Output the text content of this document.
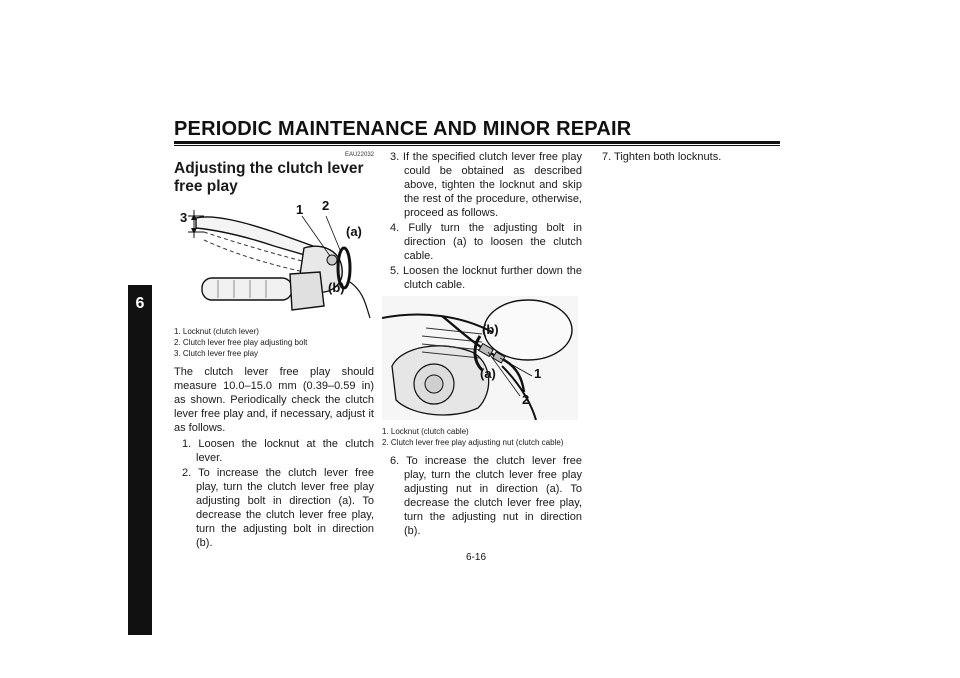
PERIODIC MAINTENANCE AND MINOR REPAIR
6
EAU22032
Adjusting the clutch lever free play
1 2
3
(a)
(b)
1. Locknut (clutch lever)
2. Clutch lever free play adjusting bolt
3. Clutch lever free play

The clutch lever free play should measure 10.0–15.0 mm (0.39–0.59 in) as shown. Periodically check the clutch lever free play and, if necessary, adjust it as follows.

1. Loosen the locknut at the clutch lever.
2. To increase the clutch lever free play, turn the clutch lever free play adjusting bolt in direction (a). To decrease the clutch lever free play, turn the adjusting bolt in direction (b).
3. If the specified clutch lever free play could be obtained as described above, tighten the locknut and skip the rest of the procedure, otherwise, proceed as follows.
4. Fully turn the adjusting bolt in direction (a) to loosen the clutch cable.
5. Loosen the locknut further down the clutch cable.
(b)
(a)	1
2
1. Locknut (clutch cable)
2. Clutch lever free play adjusting nut (clutch cable)
6. To increase the clutch lever free play, turn the clutch lever free play adjusting nut in direction (a). To decrease the clutch lever free play, turn the adjusting nut in direction (b).
7. Tighten both locknuts.
6-16
